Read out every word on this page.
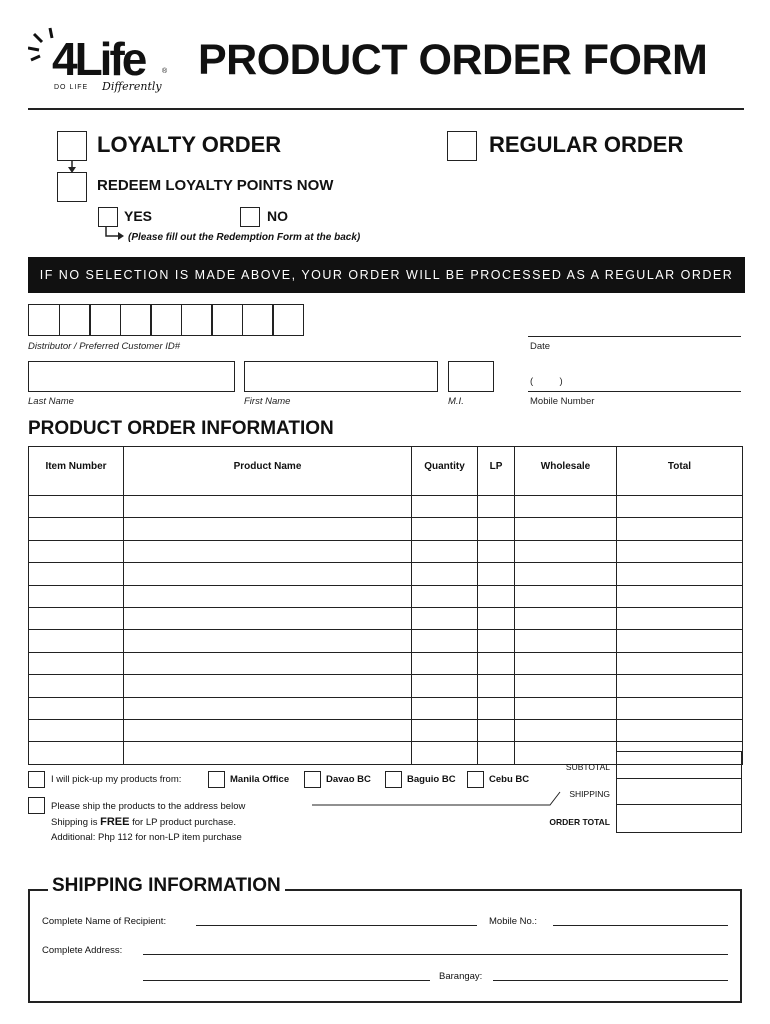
4Life	®
DO LIFE Differently
PRODUCT ORDER FORM
LOYALTY ORDER	REGULAR ORDER
REDEEM LOYALTY POINTS NOW
YES	NO
(Please fill out the Redemption Form at the back)
IF NO SELECTION IS MADE ABOVE, YOUR ORDER WILL BE PROCESSED AS A REGULAR ORDER
Distributor / Preferred Customer ID#	Date
Last Name	First Name	M.I.
(          )
Mobile Number
PRODUCT ORDER INFORMATION
Item Number	Product Name	Quantity	LP	Wholesale	Total

SUBTOTAL
SHIPPING
ORDER TOTAL
I will pick-up my products from:	Manila Office	Davao BC	Baguio BC	Cebu BC
Please ship the products to the address below
Shipping is FREE for LP product purchase.
Additional: Php 112 for non-LP item purchase
SHIPPING INFORMATION
Complete Name of Recipient:	Mobile No.:
Complete Address:
Barangay:
